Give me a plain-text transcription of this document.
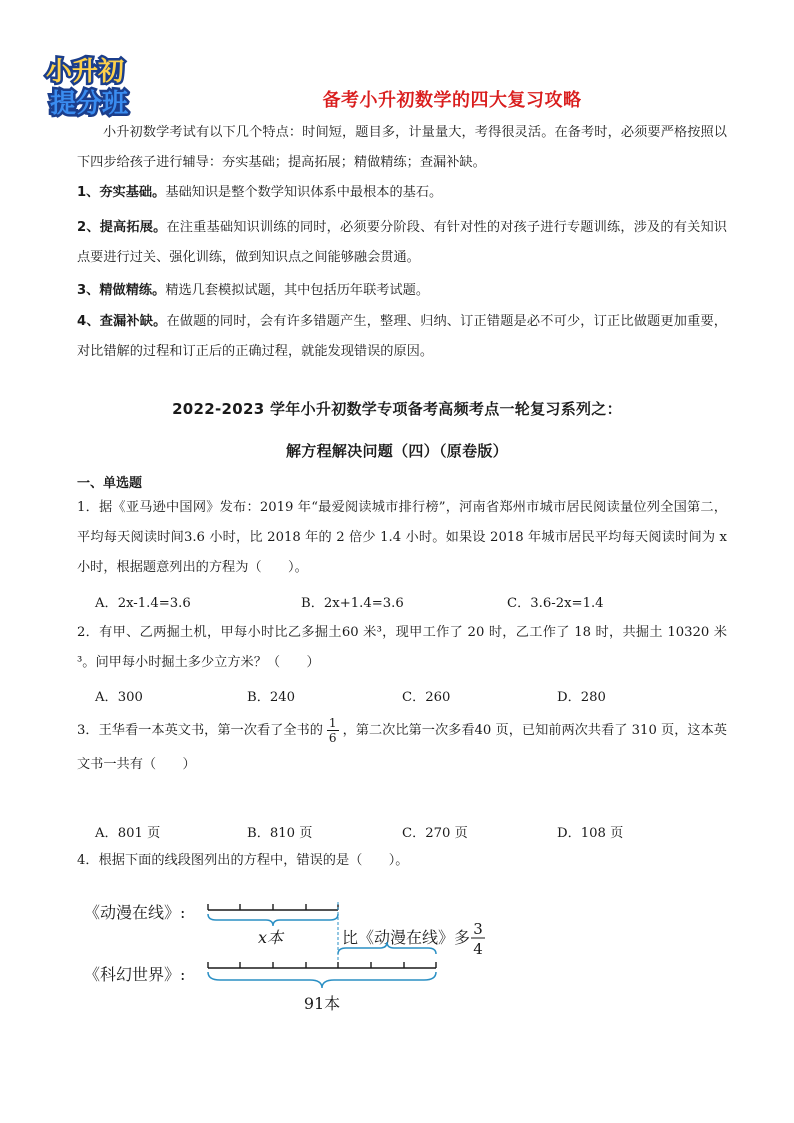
小升初
提分班	备考小升初数学的四大复习攻略
小升初数学考试有以下几个特点：时间短，题目多，计量量大，考得很灵活。在备考时，必须要严格按照以下四步给孩子进行辅导：夯实基础；提高拓展；精做精练；查漏补缺。
1、夯实基础。基础知识是整个数学知识体系中最根本的基石。
2、提高拓展。在注重基础知识训练的同时，必须要分阶段、有针对性的对孩子进行专题训练，涉及的有关知识点要进行过关、强化训练，做到知识点之间能够融会贯通。
3、精做精练。精选几套模拟试题，其中包括历年联考试题。
4、查漏补缺。在做题的同时，会有许多错题产生，整理、归纳、订正错题是必不可少，订正比做题更加重要，对比错解的过程和订正后的正确过程，就能发现错误的原因。
2022-2023 学年小升初数学专项备考高频考点一轮复习系列之：
解方程解决问题（四）（原卷版）
一、单选题
1．据《亚马逊中国网》发布：2019 年“最爱阅读城市排行榜”，河南省郑州市城市居民阅读量位列全国第二，平均每天阅读时间3.6 小时，比 2018 年的 2 倍少 1.4 小时。如果设 2018 年城市居民平均每天阅读时间为 x 小时，根据题意列出的方程为（　　）。
A．2x-1.4=3.6	B．2x+1.4=3.6	C．3.6-2x=1.4
2．有甲、乙两掘土机，甲每小时比乙多掘土60 米³，现甲工作了 20 时，乙工作了 18 时，共掘土 10320 米³。问甲每小时掘土多少立方米？（　　）
A．300	B．240	C．260	D．280
3．王华看一本英文书，第一次看了全书的 $\frac{1}{6}$ ，第二次比第一次多看40 页，已知前两次共看了 310 页，这本英文书一共有（　　）
A．801 页	B．810 页	C．270 页	D．108 页
4．根据下面的线段图列出的方程中，错误的是（　　）。
《动漫在线》:
x本	比《动漫在线》多 3
4
《科幻世界》:
91本
